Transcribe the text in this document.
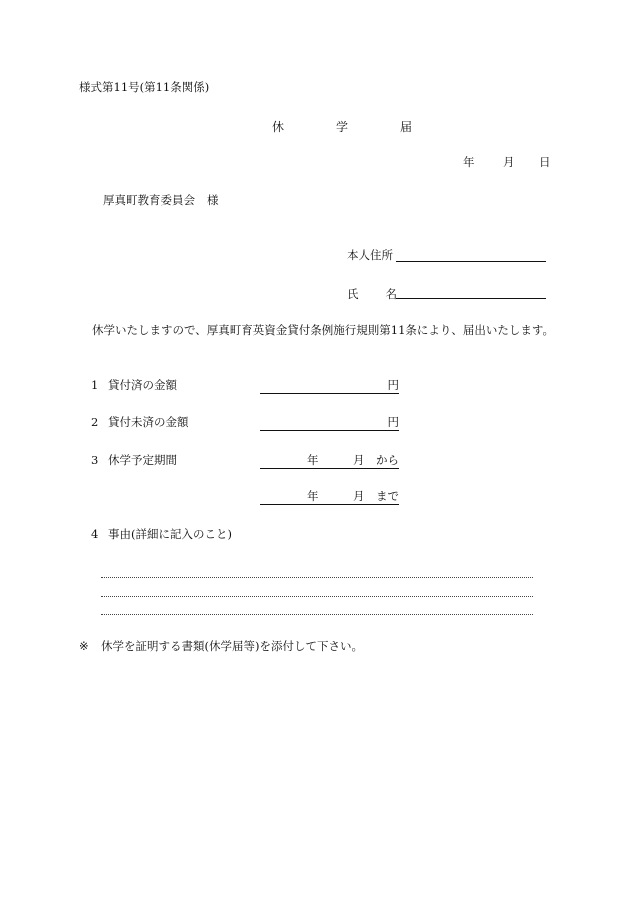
様式第11号(第11条関係)
休　学　届
年 月 日
厚真町教育委員会 様
本人住所
氏 名
休学いたしますので、厚真町育英資金貸付条例施行規則第11条により、届出いたします。
1 貸付済の金額	円
2 貸付未済の金額	円
3 休学予定期間	年	月 から
年	月 まで
4 事由(詳細に記入のこと)
※ 休学を証明する書類(休学届等)を添付して下さい。
